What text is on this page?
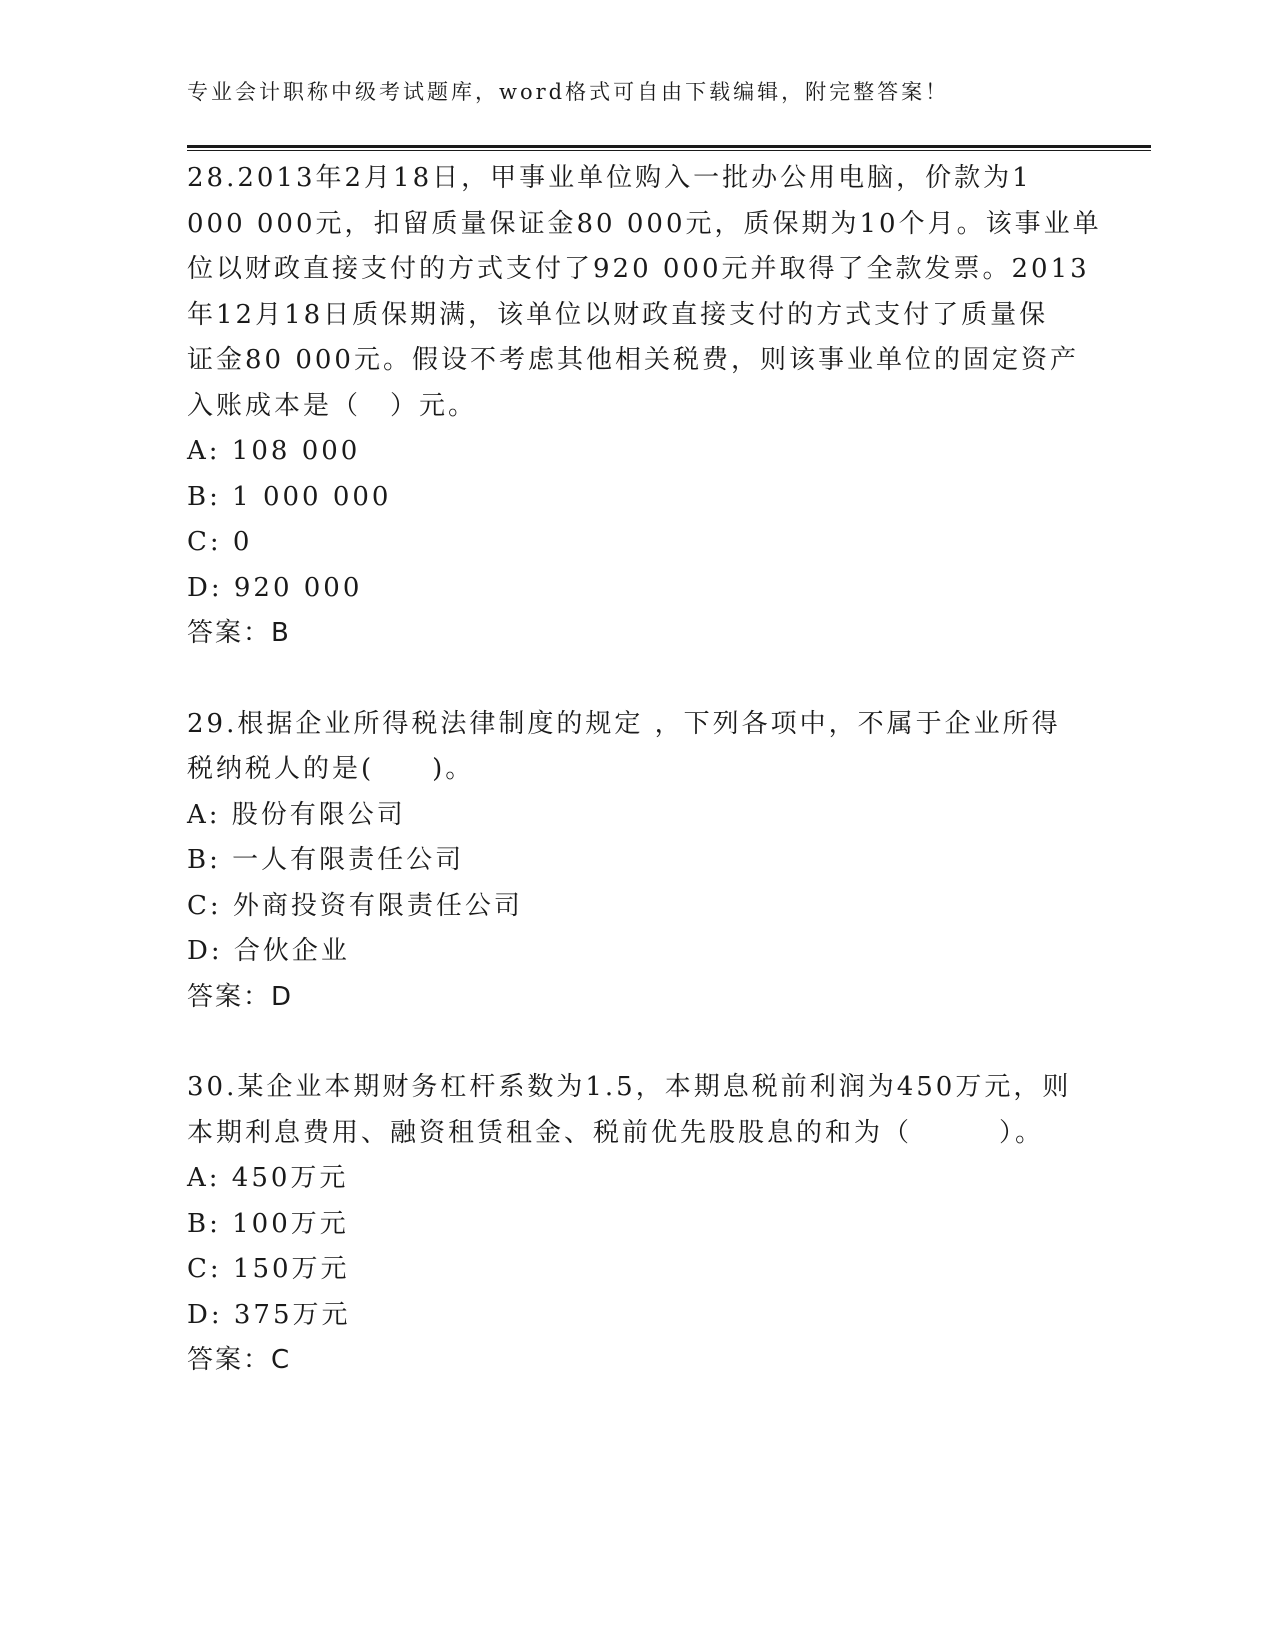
专业会计职称中级考试题库，word格式可自由下载编辑，附完整答案！
28.2013年2月18日，甲事业单位购入一批办公用电脑，价款为1
000 000元，扣留质量保证金80 000元，质保期为10个月。该事业单
位以财政直接支付的方式支付了920 000元并取得了全款发票。2013
年12月18日质保期满，该单位以财政直接支付的方式支付了质量保
证金80 000元。假设不考虑其他相关税费，则该事业单位的固定资产
入账成本是（　）元。
A: 108 000
B: 1 000 000
C: 0
D: 920 000
答案：B
29.根据企业所得税法律制度的规定 ，下列各项中，不属于企业所得
税纳税人的是(　　)。
A: 股份有限公司
B: 一人有限责任公司
C: 外商投资有限责任公司
D: 合伙企业
答案：D
30.某企业本期财务杠杆系数为1.5，本期息税前利润为450万元，则
本期利息费用、融资租赁租金、税前优先股股息的和为（　　　）。
A: 450万元
B: 100万元
C: 150万元
D: 375万元
答案：C
